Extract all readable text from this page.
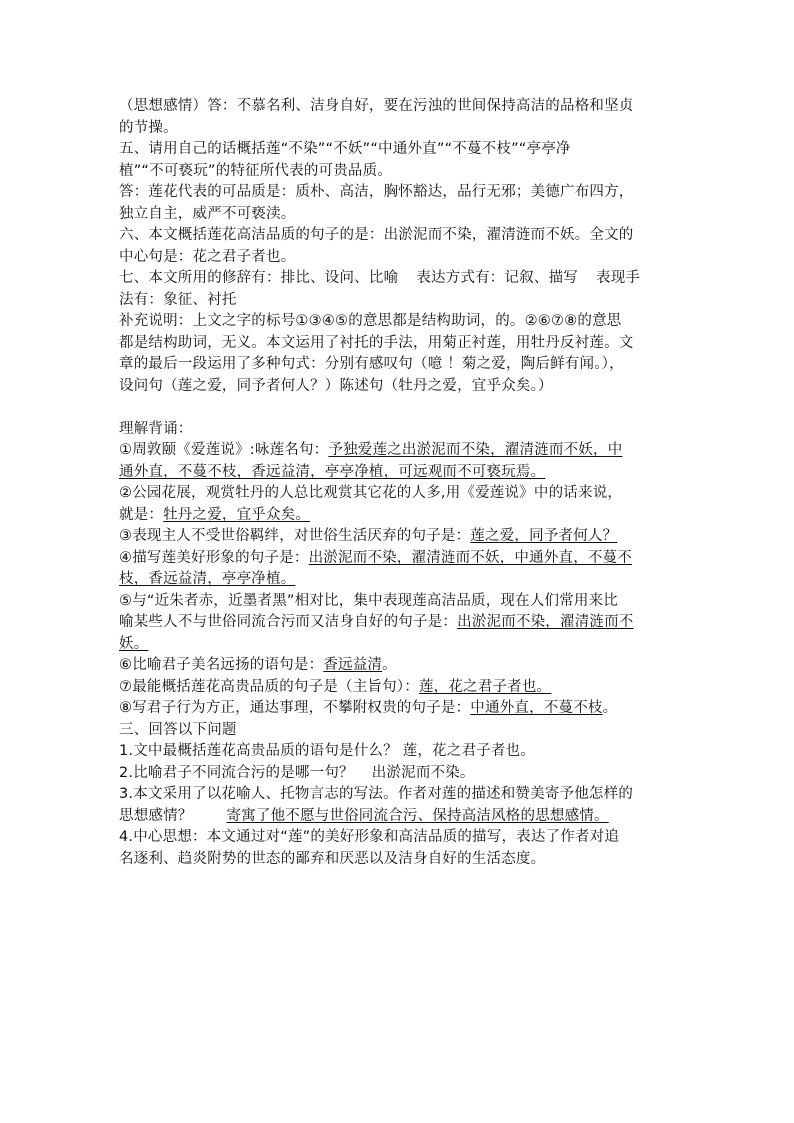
（思想感情）答：不慕名利、洁身自好，要在污浊的世间保持高洁的品格和坚贞
的节操。
五、请用自己的话概括莲“不染”“不妖”“中通外直”“不蔓不枝”“亭亭净
植”“不可亵玩”的特征所代表的可贵品质。
答：莲花代表的可品质是：质朴、高洁，胸怀豁达，品行无邪；美德广布四方，
独立自主，威严不可亵渎。
六、本文概括莲花高洁品质的句子的是：出淤泥而不染，濯清涟而不妖。全文的
中心句是：花之君子者也。
七、本文所用的修辞有：排比、设问、比喻 表达方式有：记叙、描写 表现手
法有：象征、衬托
补充说明：上文之字的标号①③④⑤的意思都是结构助词，的。②⑥⑦⑧的意思
都是结构助词，无义。本文运用了衬托的手法，用菊正衬莲，用牡丹反衬莲。文
章的最后一段运用了多种句式：分别有感叹句（噫 ！菊之爱，陶后鲜有闻。），
设问句（莲之爱，同予者何人？）陈述句（牡丹之爱，宜乎众矣。）
理解背诵：
①周敦颐《爱莲说》:咏莲名句：予独爱莲之出淤泥而不染，濯清涟而不妖，中
通外直，不蔓不枝，香远益清，亭亭净植，可远观而不可亵玩焉。
②公园花展，观赏牡丹的人总比观赏其它花的人多,用《爱莲说》中的话来说，
就是：牡丹之爱，宜乎众矣。
③表现主人不受世俗羁绊，对世俗生活厌弃的句子是：莲之爱，同予者何人？
④描写莲美好形象的句子是：出淤泥而不染，濯清涟而不妖，中通外直，不蔓不
枝，香远益清，亭亭净植。
⑤与“近朱者赤，近墨者黑”相对比，集中表现莲高洁品质，现在人们常用来比
喻某些人不与世俗同流合污而又洁身自好的句子是：出淤泥而不染，濯清涟而不
妖。
⑥比喻君子美名远扬的语句是：香远益清。
⑦最能概括莲花高贵品质的句子是（主旨句）：莲，花之君子者也。
⑧写君子行为方正，通达事理，不攀附权贵的句子是：中通外直，不蔓不枝。
三、回答以下问题
1.文中最概括莲花高贵品质的语句是什么？ 莲，花之君子者也。
2.比喻君子不同流合污的是哪一句？ 出淤泥而不染。
3.本文采用了以花喻人、托物言志的写法。作者对莲的描述和赞美寄予他怎样的
思想感情？ 寄寓了他不愿与世俗同流合污、保持高洁风格的思想感情。
4.中心思想：本文通过对“莲”的美好形象和高洁品质的描写，表达了作者对追
名逐利、趋炎附势的世态的鄙弃和厌恶以及洁身自好的生活态度。
